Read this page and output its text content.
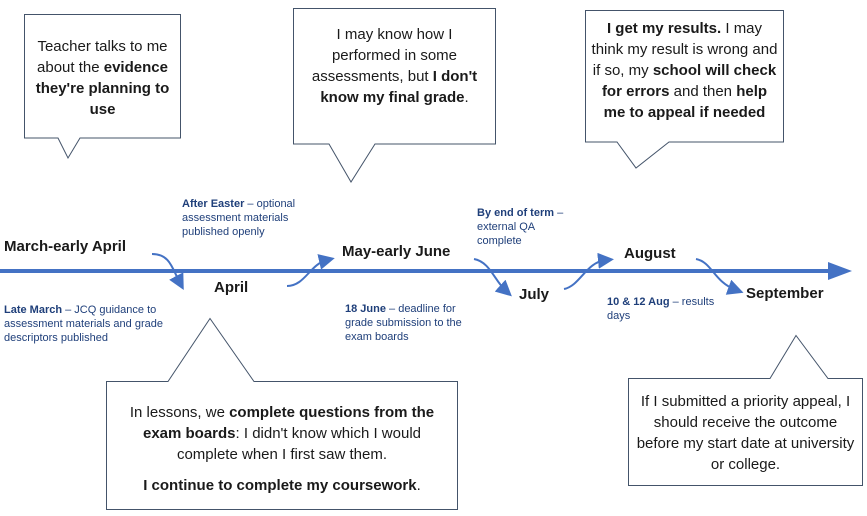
March-early April
April
May-early June
July
August
September
Late March – JCQ guidance to assessment materials and grade descriptors published
After Easter – optional assessment materials published openly
18 June – deadline for grade submission to the exam boards
By end of term – external QA complete
10 & 12 Aug – results days
Teacher talks to me about the evidence they're planning to use
I may know how I performed in some assessments, but I don't know my final grade.
I get my results. I may think my result is wrong and if so, my school will check for errors and then help me to appeal if needed
In lessons, we complete questions from the exam boards: I didn't know which I would complete when I first saw them.
I continue to complete my coursework.
If I submitted a priority appeal, I should receive the outcome before my start date at university or college.
